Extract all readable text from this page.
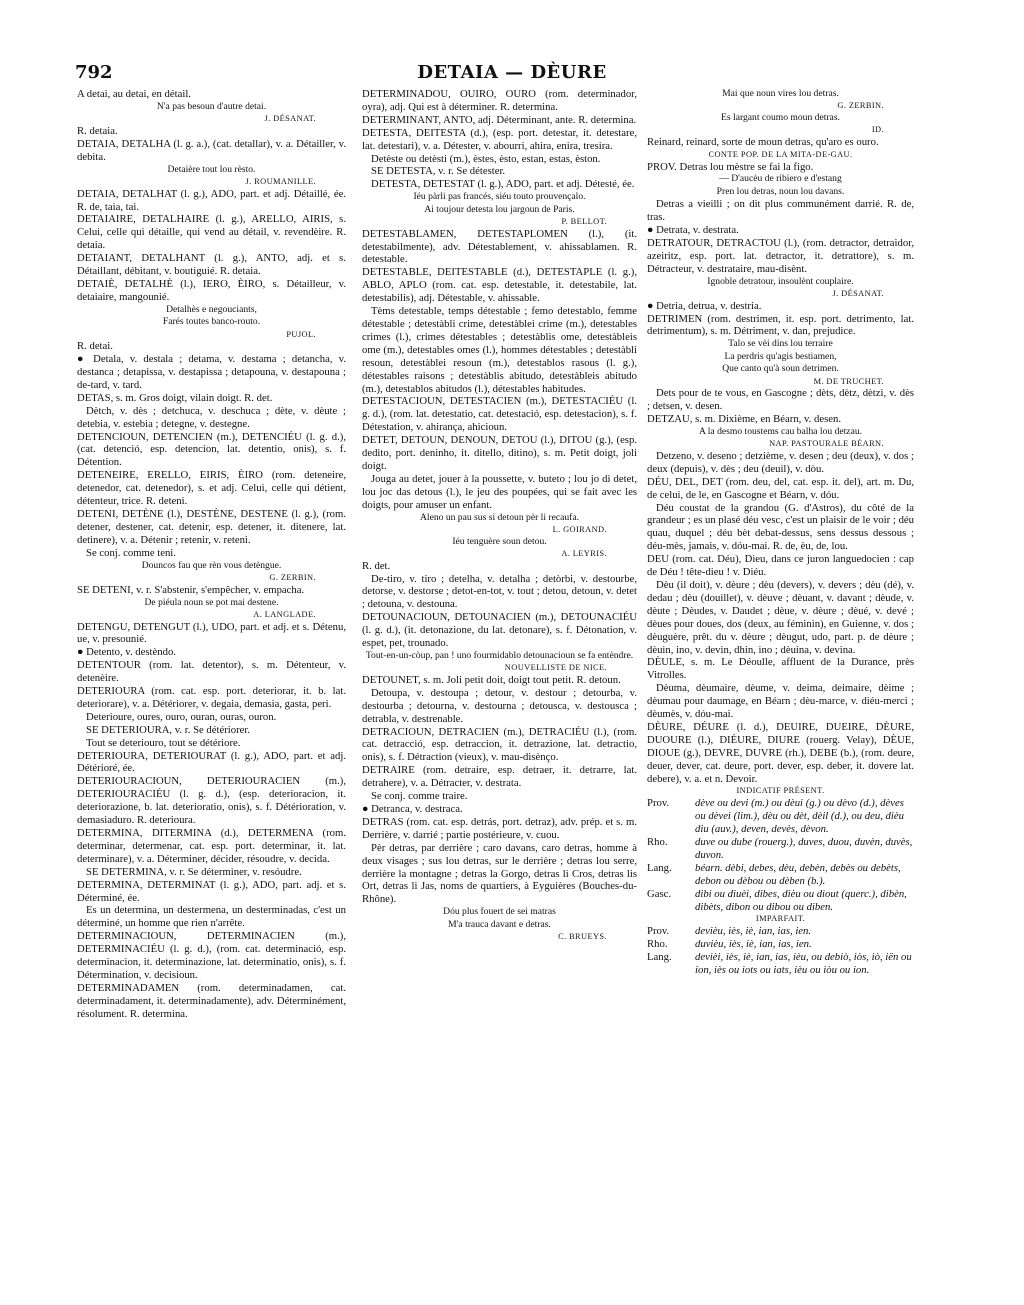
792	DETAIA — DÈURE
A detai, au detai, en détail.
N'a pas besoun d'autre detai.
J. DÉSANAT.
R. detaia.
DETAIA, DETALHA (l. g. a.), (cat. detallar), v. a. Détailler, v. debita.
Detaière tout lou rèsto.
J. ROUMANILLE.
DETAIA, DETALHAT (l. g.), ADO, part. et adj. Détaillé, ée. R. de, taia, tai.
DETAIAIRE, DETALHAIRE (l. g.), ARELLO, AIRIS, s. Celui, celle qui détaille, qui vend au détail, v. revendèire. R. detaia.
DETAIANT, DETALHANT (l. g.), ANTO, adj. et s. Détaillant, débitant, v. boutiguié. R. detaia.
DETAIÈ, DETALHÈ (l.), IERO, ÈIRO, s. Détailleur, v. detaiaire, mangounié.
Detalhès e negouciants,
Farés toutes banco-routo.
PUJOL.
R. detai.
● Detala, v. destala ; detama, v. destama ; detancha, v. destanca ; detapissa, v. destapissa ; detapouna, v. destapouna ; de-tard, v. tard.
DETAS, s. m. Gros doigt, vilain doigt. R. det.
Dètch, v. dès ; detchuca, v. deschuca ; dète, v. dèute ; detebia, v. estebia ; detegne, v. destegne.
DETENCIOUN, DETENCIEN (m.), DETENCIÉU (l. g. d.), (cat. detenció, esp. detencion, lat. detentio, onis), s. f. Détention.
DETENEIRE, ERELLO, EIRIS, ÈIRO (rom. deteneire, detenedor, cat. detenedor), s. et adj. Celui, celle qui détient, détenteur, trice. R. deteni.
DETENI, DETÈNE (l.), DESTÈNE, DESTENE (l. g.), (rom. detener, destener, cat. detenir, esp. detener, it. ditenere, lat. detinere), v. a. Détenir ; retenir, v. reteni.
Se conj. comme teni.
Douncos fau que rèn vous detèngue.
G. ZERBIN.
SE DETENI, v. r. S'abstenir, s'empêcher, v. empacha.
De piéula noun se pot mai destene.
A. LANGLADE.
DETENGU, DETENGUT (l.), UDO, part. et adj. et s. Détenu, ue, v. presounié.
● Detento, v. destèndo.
DETENTOUR (rom. lat. detentor), s. m. Détenteur, v. detenèire.
DETERIOURA (rom. cat. esp. port. deteriorar, it. b. lat. deteriorare), v. a. Détériorer, v. degaia, demasia, gasta, peri.
Deterioure, oures, ouro, ouran, ouras, ouron.
SE DETERIOURA, v. r. Se détériorer.
Tout se deteriouro, tout se détériore.
DETERIOURA, DETERIOURAT (l. g.), ADO, part. et adj. Détérioré, ée.
DETERIOURACIOUN, DETERIOURACIEN (m.), DETERIOURACIÉU (l. g. d.), (esp. deterioracion, it. deteriorazione, b. lat. deterioratio, onis), s. f. Détérioration, v. demasiaduro. R. deterioura.
DETERMINA, DITERMINA (d.), DETERMENA (rom. determinar, determenar, cat. esp. port. determinar, it. lat. determinare), v. a. Déterminer, décider, résoudre, v. decida.
SE DETERMINA, v. r. Se déterminer, v. resóudre.
DETERMINA, DETERMINAT (l. g.), ADO, part. adj. et s. Déterminé, ée.
Es un determina, un destermena, un desterminadas, c'est un déterminé, un homme que rien n'arrête.
DETERMINACIOUN, DETERMINACIEN (m.), DETERMINACIÉU (l. g. d.), (rom. cat. determinació, esp. determinacion, it. determinazione, lat. determinatio, onis), s. f. Détermination, v. decisioun.
DETERMINADAMEN (rom. determinadamen, cat. determinadament, it. determinadamente), adv. Déterminément, résolument. R. determina.
DETERMINADOU, OUIRO, OURO (rom. determinador, oyra), adj. Qui est à déterminer. R. determina.
DETERMINANT, ANTO, adj. Déterminant, ante. R. determina.
DETESTA, DEITESTA (d.), (esp. port. detestar, it. detestare, lat. detestari), v. a. Détester, v. abourri, ahira, enira, tresira.
Detèste ou detèsti (m.), èstes, èsto, estan, estas, èston.
SE DETESTA, v. r. Se détester.
DETESTA, DETESTAT (l. g.), ADO, part. et adj. Détesté, ée.
Iéu pàrli pas francés, siéu touto prouvençalo.
Ai toujour detesta lou jargoun de Paris.
P. BELLOT.
DETESTABLAMEN, DETESTAPLOMEN (l.), (it. detestabilmente), adv. Détestablement, v. ahissablamen. R. detestable.
DETESTABLE, DEITESTABLE (d.), DETESTAPLE (l. g.), ABLO, APLO (rom. cat. esp. detestable, it. detestabile, lat. detestabilis), adj. Détestable, v. ahissable.
Tèms detestable, temps détestable ; femo detestablo, femme détestable ; detestàbli crime, detestàblei crime (m.), detestables crimes (l.), crimes détestables ; detestàblis ome, detestàbleis ome (m.), detestables omes (l.), hommes détestables ; detestàbli resoun, detestàblei resoun (m.), detestablos rasous (l. g.), détestables raisons ; detestàblis abitudo, detestàbleis abitudo (m.), detestablos abitudos (l.), détestables habitudes.
DETESTACIOUN, DETESTACIEN (m.), DETESTACIÉU (l. g. d.), (rom. lat. detestatio, cat. detestació, esp. detestacion), s. f. Détestation, v. ahirança, ahicioun.
DETET, DETOUN, DENOUN, DETOU (l.), DITOU (g.), (esp. dedito, port. deninho, it. ditello, ditino), s. m. Petit doigt, joli doigt.
Jouga au detet, jouer à la poussette, v. buteto ; lou jo di detet, lou joc das detous (l.), le jeu des poupées, qui se fait avec les doigts, pour amuser un enfant.
Aleno un pau sus si detoun pèr li recaufa.
L. GOIRAND.
Iéu tenguère soun detou.
A. LEYRIS.
R. det.
De-tiro, v. tiro ; detelha, v. detalha ; detòrbi, v. destourbe, detorse, v. destorse ; detot-en-tot, v. tout ; detou, detoun, v. detet ; detouna, v. destouna.
DETOUNACIOUN, DETOUNACIEN (m.), DETOUNACIÉU (l. g. d.), (it. detonazione, du lat. detonare), s. f. Détonation, v. espet, pet, trounado.
Tout-en-un-còup, pan ! uno fourmidablo detounacioun se fa entèndre.
NOUVELLISTE DE NICE.
DETOUNET, s. m. Joli petit doit, doigt tout petit. R. detoun.
Detoupa, v. destoupa ; detour, v. destour ; detourba, v. destourba ; detourna, v. destourna ; detousca, v. destousca ; detrabla, v. destrenable.
DETRACIOUN, DETRACIEN (m.), DETRACIÉU (l.), (rom. cat. detracció, esp. detraccion, it. detrazione, lat. detractio, onis), s. f. Détraction (vieux), v. mau-disènço.
DETRAIRE (rom. detraire, esp. detraer, it. detrarre, lat. detrahere), v. a. Détracter, v. destrata.
Se conj. comme traire.
● Detranca, v. destraca.
DETRAS (rom. cat. esp. detrás, port. detraz), adv. prép. et s. m. Derrière, v. darrié ; partie postérieure, v. cuou.
Pèr detras, par derrière ; caro davans, caro detras, homme à deux visages ; sus lou detras, sur le derrière ; detras lou serre, derrière la montagne ; detras la Gorgo, detras li Cros, detras lis Ort, detras li Jas, noms de quartiers, à Eyguières (Bouches-du-Rhône).
Dóu plus fouert de sei matras
M'a trauca davant e detras.
C. BRUEYS.
Mai que noun vires lou detras.
G. ZERBIN.
Es largant coumo moun detras.
ID.
Reinard, reinard, sorte de moun detras, qu'aro es ouro.
CONTE POP. DE LA MITA-DE-GAU.
PROV. Detras lou mèstre se fai la figo.
— D'aucèu de ribiero e d'estang
Pren lou detras, noun lou davans.
Detras a vieilli ; on dit plus communément darrié. R. de, tras.
● Detrata, v. destrata.
DETRATOUR, DETRACTOU (l.), (rom. detractor, detraidor, azeiritz, esp. port. lat. detractor, it. detrattore), s. m. Détracteur, v. destrataire, mau-disènt.
Ignoble detratour, insoulènt couplaire.
J. DÉSANAT.
● Detria, detrua, v. destria.
DETRIMEN (rom. destrimen, it. esp. port. detrimento, lat. detrimentum), s. m. Détriment, v. dan, prejudice.
Talo se vèi dins lou terraire
La perdris qu'agis bestiamen,
Que canto qu'à soun detrimen.
M. DE TRUCHET.
Dets pour de te vous, en Gascogne ; dèts, dètz, dètzi, v. dès ; detsen, v. desen.
DETZAU, s. m. Dixième, en Béarn, v. desen.
A la desmo toustems cau balha lou detzau.
NAP. PASTOURALE BÉARN.
Detzeno, v. deseno ; detzième, v. desen ; deu (deux), v. dos ; deux (depuis), v. dès ; deu (deuil), v. dòu.
DÉU, DEL, DET (rom. deu, del, cat. esp. it. del), art. m. Du, de celui, de le, en Gascogne et Béarn, v. dóu.
Déu coustat de la grandou (G. d'Astros), du côté de la grandeur ; es un plasé déu vesc, c'est un plaisir de le voir ; déu quau, duquel ; déu bèt debat-dessus, sens dessus dessous ; déu-mès, jamais, v. dóu-mai. R. de, èu, de, lou.
DEU (rom. cat. Déu), Dieu, dans ce juron languedocien : cap de Déu ! tête-dieu ! v. Diéu.
Dèu (il doit), v. dèure ; dèu (devers), v. devers ; dèu (dé), v. dedau ; dèu (douillet), v. dèuve ; dèuant, v. davant ; dèude, v. dèute ; Dèudes, v. Daudet ; dèue, v. dèure ; dèué, v. devé ; dèues pour doues, dos (deux, au féminin), en Guienne, v. dos ; dèuguère, prêt. du v. dèure ; dèugut, udo, part. p. de dèure ; dèuin, ino, v. devin, dhin, ino ; dèuina, v. devina.
DÈULE, s. m. Le Déoulle, affluent de la Durance, près Vitrolles.
Dèuma, dèumaire, dèume, v. deima, deimaire, dèime ; dèumau pour daumage, en Béarn ; dèu-marce, v. diéu-merci ; dèumès, v. dóu-mai.
DÈURE, DÉURE (l. d.), DEUIRE, DUEIRE, DÈURE, DUOURE (l.), DIÉURE, DIURE (rouerg. Velay), DÈUE, DIOUE (g.), DEVRE, DUVRE (rh.), DEBE (b.), (rom. deure, deuer, dever, cat. deure, port. dever, esp. deber, it. dovere lat. debere), v. a. et n. Devoir.
INDICATIF PRÉSENT.
Prov.	dève ou devi (m.) ou dèui (g.) ou dèvo (d.), dèves ou dèvei (lim.), dèu ou dèt, dèil (d.), ou deu, dièu diu (auv.), deven, devès, dèvon.
Rho.	duve ou dube (rouerg.), duves, duou, duvèn, duvès, duvon.
Lang.	béarn. dèbi, debes, dèu, debèn, debès ou debèts, debon ou dèbou ou dèben (b.).
Gasc.	dibi ou diuèi, dibes, dièu ou diout (querc.), dibèn, dibèts, dibon ou dibou ou diben.
IMPARFAIT.
Prov.	devièu, iès, iè, ian, ias, ien.
Rho.	duvièu, iès, iè, ian, ias, ien.
Lang.	devièi, iès, iè, ian, ias, ièu, ou debiò, iòs, iò, iën ou ion, iès ou iots ou iats, ièu ou iòu ou ion.
